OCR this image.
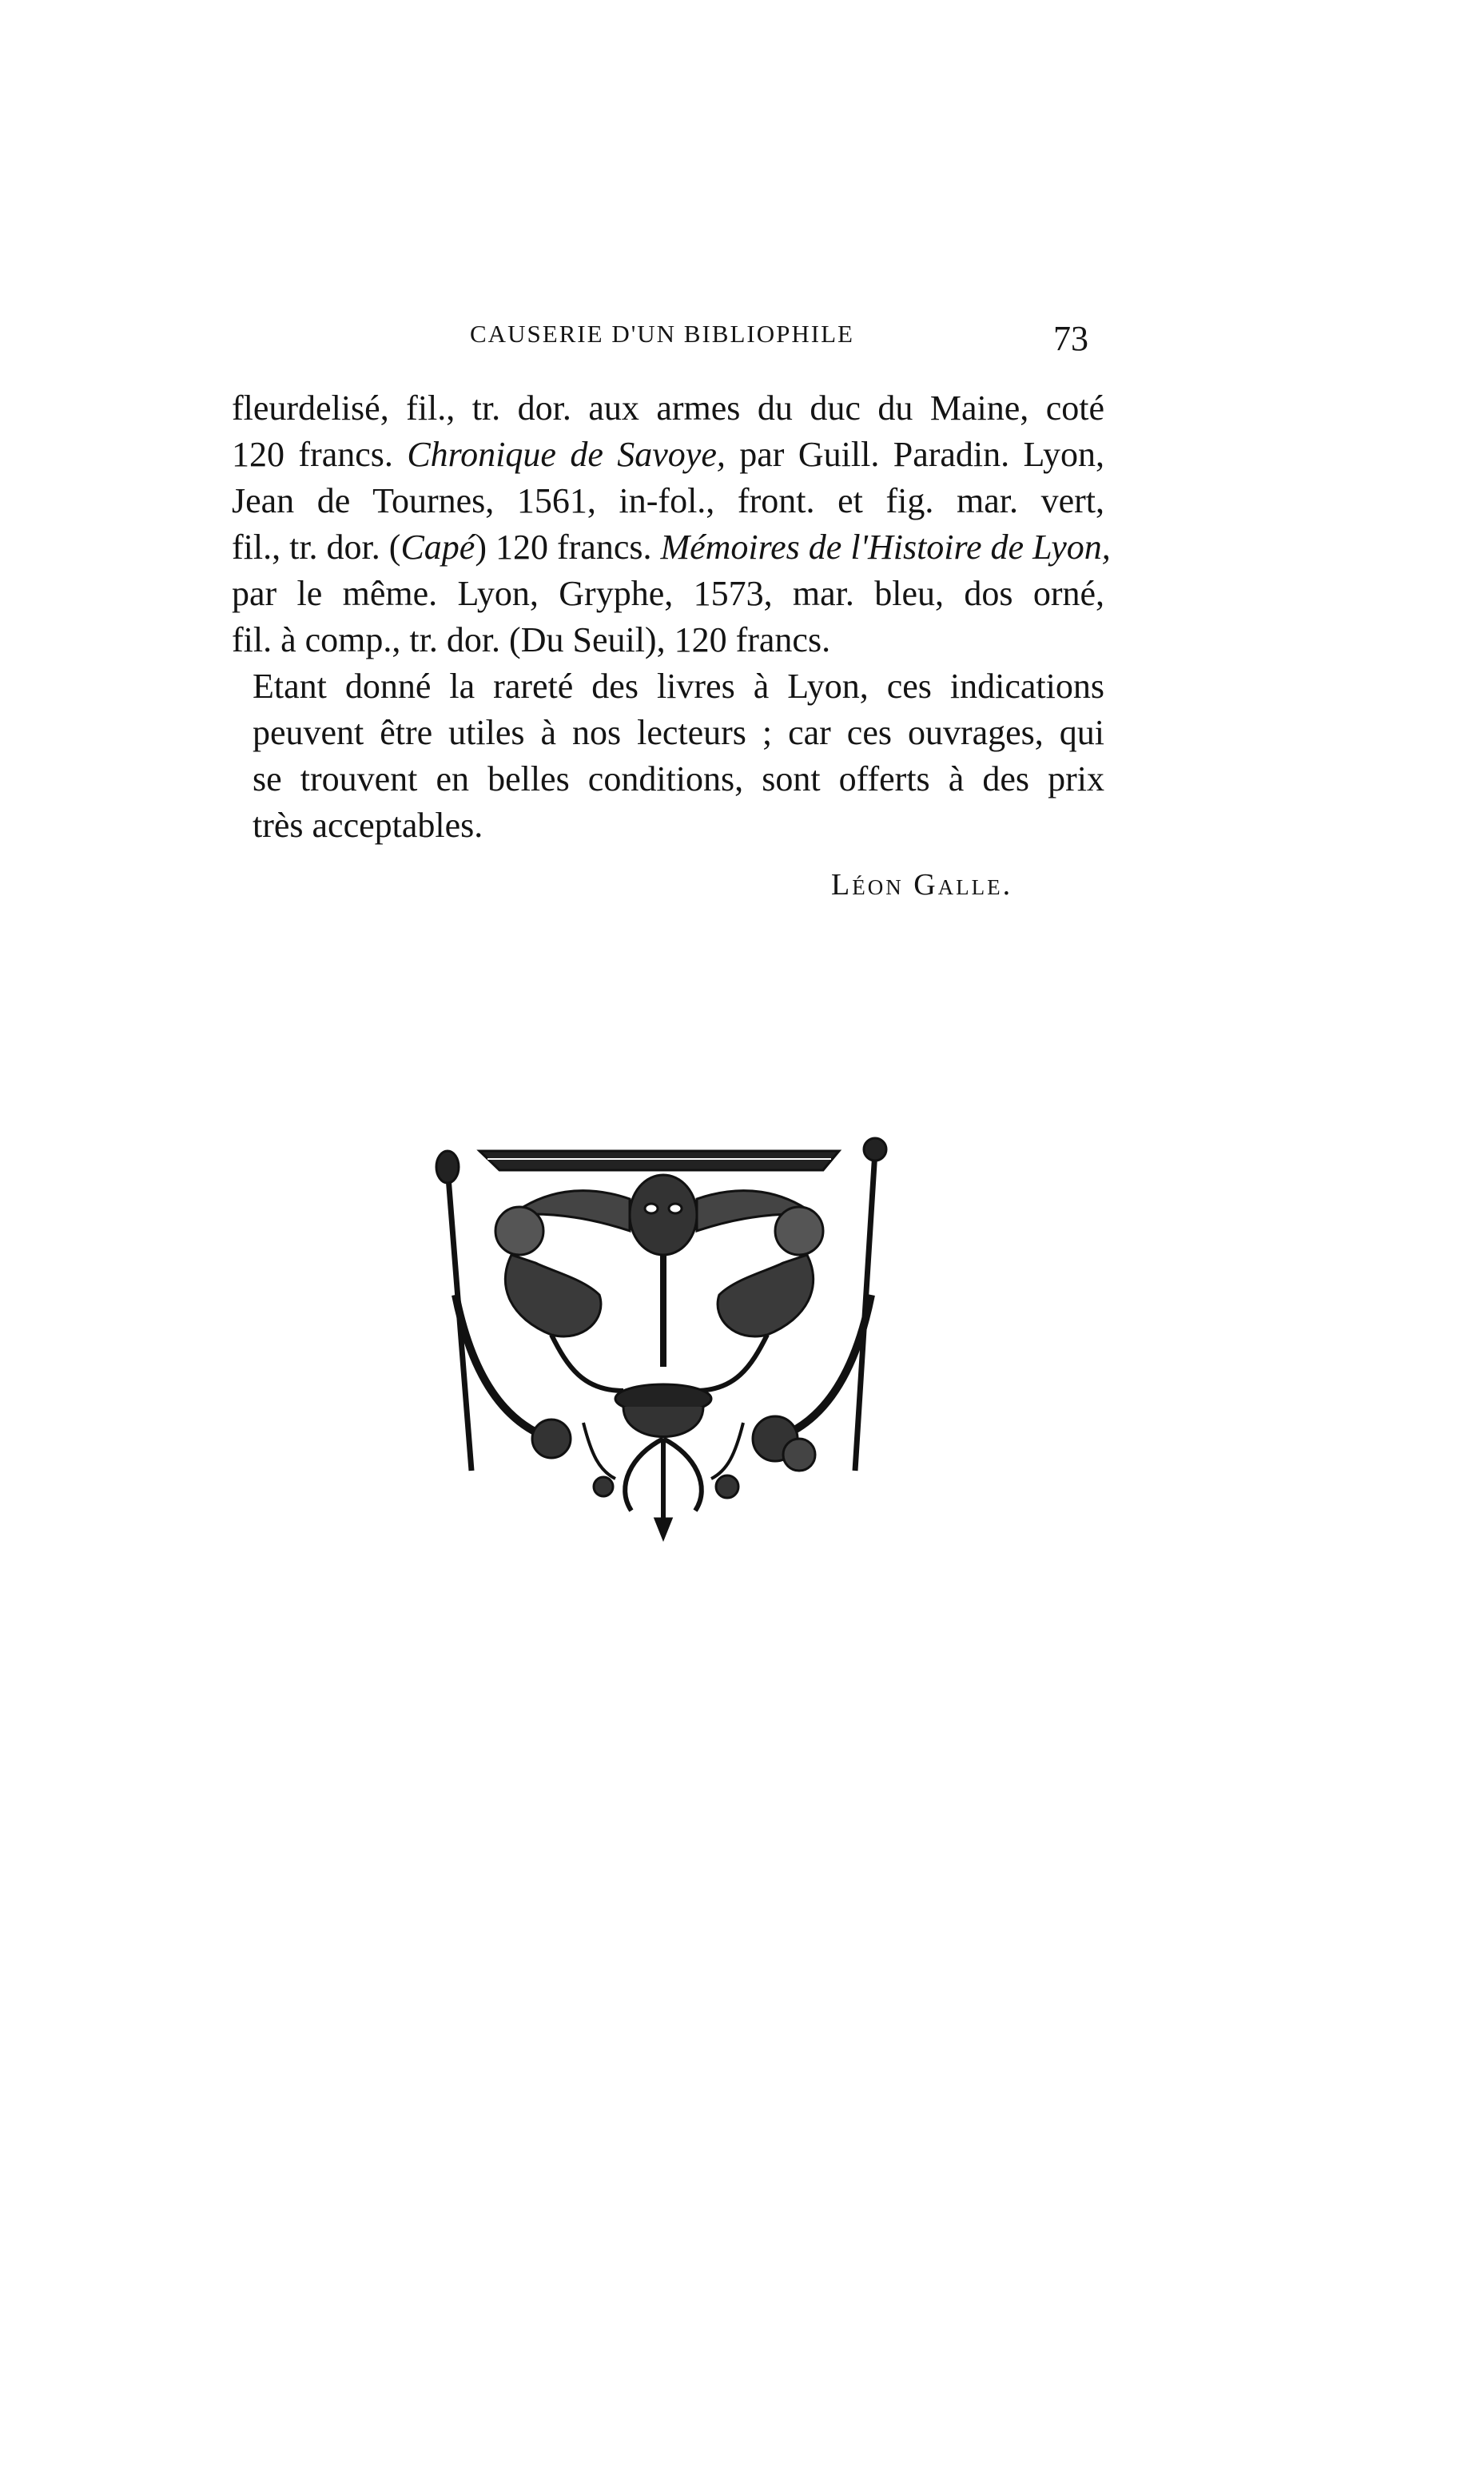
CAUSERIE D'UN BIBLIOPHILE	73

fleurdelisé, fil., tr. dor. aux armes du duc du Maine, coté
120 francs. Chronique de Savoye, par Guill. Paradin. Lyon,
Jean de Tournes, 1561, in-fol., front. et fig. mar. vert,
fil., tr. dor. (Capé) 120 francs. Mémoires de l'Histoire de Lyon,
par le même. Lyon, Gryphe, 1573, mar. bleu, dos orné,
fil. à comp., tr. dor. (Du Seuil), 120 francs.

Etant donné la rareté des livres à Lyon, ces indications
peuvent être utiles à nos lecteurs ; car ces ouvrages, qui
se trouvent en belles conditions, sont offerts à des prix
très acceptables.

Léon Galle.
